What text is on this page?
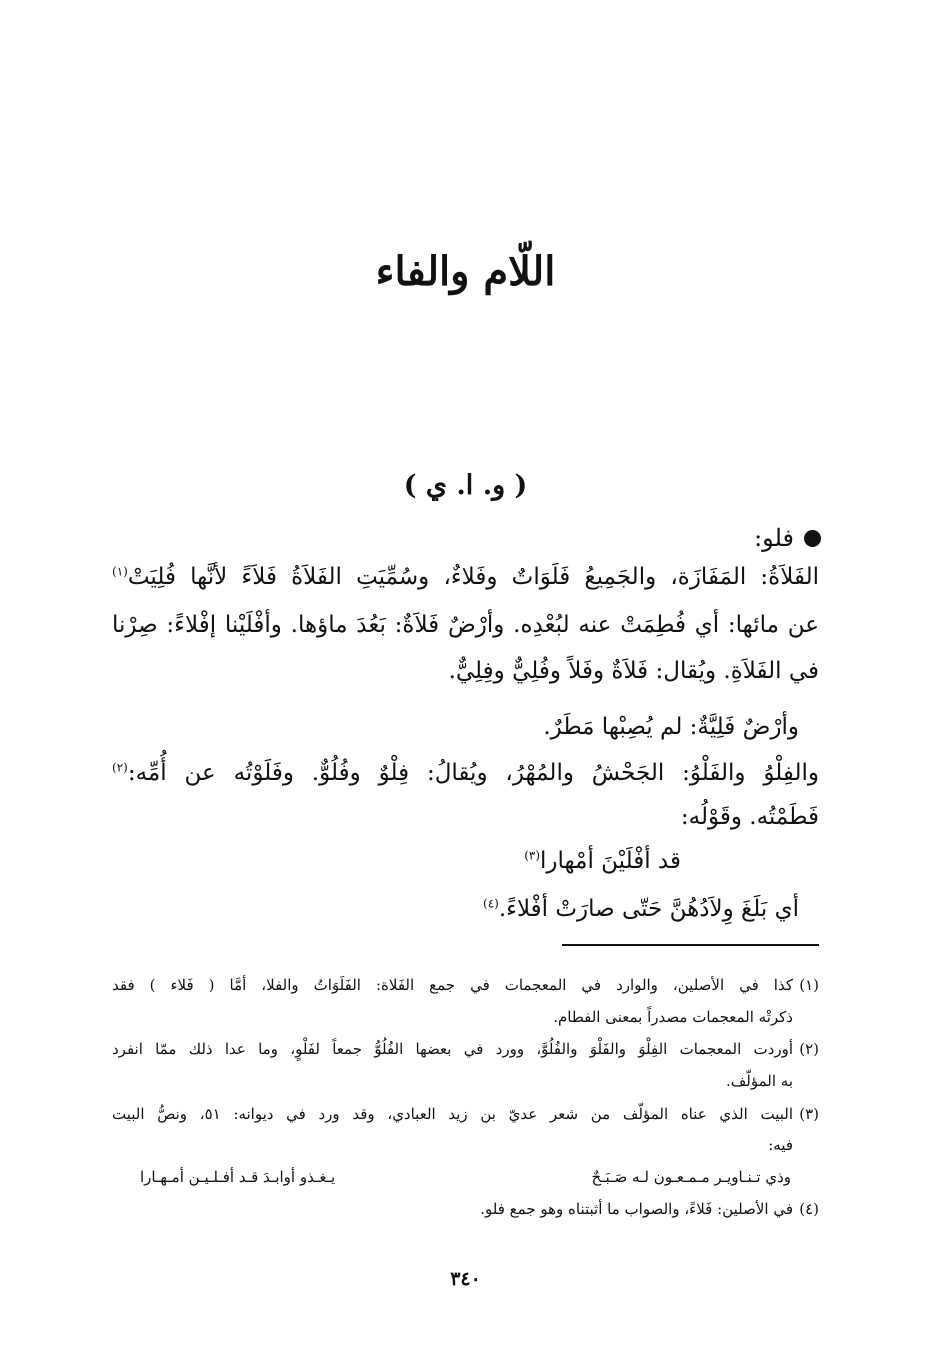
اللّام والفاء
( و. ا. ي )
فلو:
الفَلاَةُ: المَفَازَة، والجَمِيعُ فَلَوَاتٌ وفَلاءٌ، وسُمِّيَتِ الفَلاَةُ فَلاَءً لأنَّها فُلِيَتْ$^{(١)}$
عن مائها: أي فُطِمَتْ عنه لبُعْدِه. وأرْضٌ فَلاَةٌ: بَعُدَ ماؤها. وأفْلَيْنا إفْلاءً: صِرْنا
في الفَلاَةِ. ويُقال: فَلاَةٌ وفَلاً وفُلِيٌّ وفِلِيٌّ.
وأرْضٌ فَلِيَّةٌ: لم يُصِبْها مَطَرٌ.
والفِلْوُ والفَلْوُ: الجَحْشُ والمُهْرُ، ويُقالُ: فِلْوٌ وفُلُوٌّ. وفَلَوْتُه عن أُمِّه:$^{(٢)}$
فَطَمْتُه. وقَوْلُه:
قد أفْلَيْنَ أمْهارا$^{(٣)}$
أي بَلَغَ وِلاَدُهُنَّ حَتّى صارَتْ أفْلاءً.$^{(٤)}$
(١)
كذا في الأصلين، والوارد في المعجمات في جمع الفَلاة: الفَلَوَاتُ والفلا، أمَّا ( فَلاء ) فقد
ذكرتْه المعجمات مصدراً بمعنى الفطام.
(٢)
أوردت المعجمات الفِلْوَ والفَلْوَ والفُلُوَّ، وورد في بعضها الفُلُوُّ جمعاً لفَلْوٍ، وما عدا ذلك ممّا انفرد
به المؤلّف.
(٣)
البيت الذي عناه المؤلّف من شعر عديّ بن زيد العبادي، وقد ورد في ديوانه: ٥١، ونصُّ البيت
فيه:
وذي تـنـاويـر مـمـعـون لـه صَـبَـحٌ
يـغـذو أوابـدَ قـد أفـلـيـن أمـهـارا
(٤)
في الأصلين: فَلاءً، والصواب ما أثبتناه وهو جمع فلو.
٣٤٠
